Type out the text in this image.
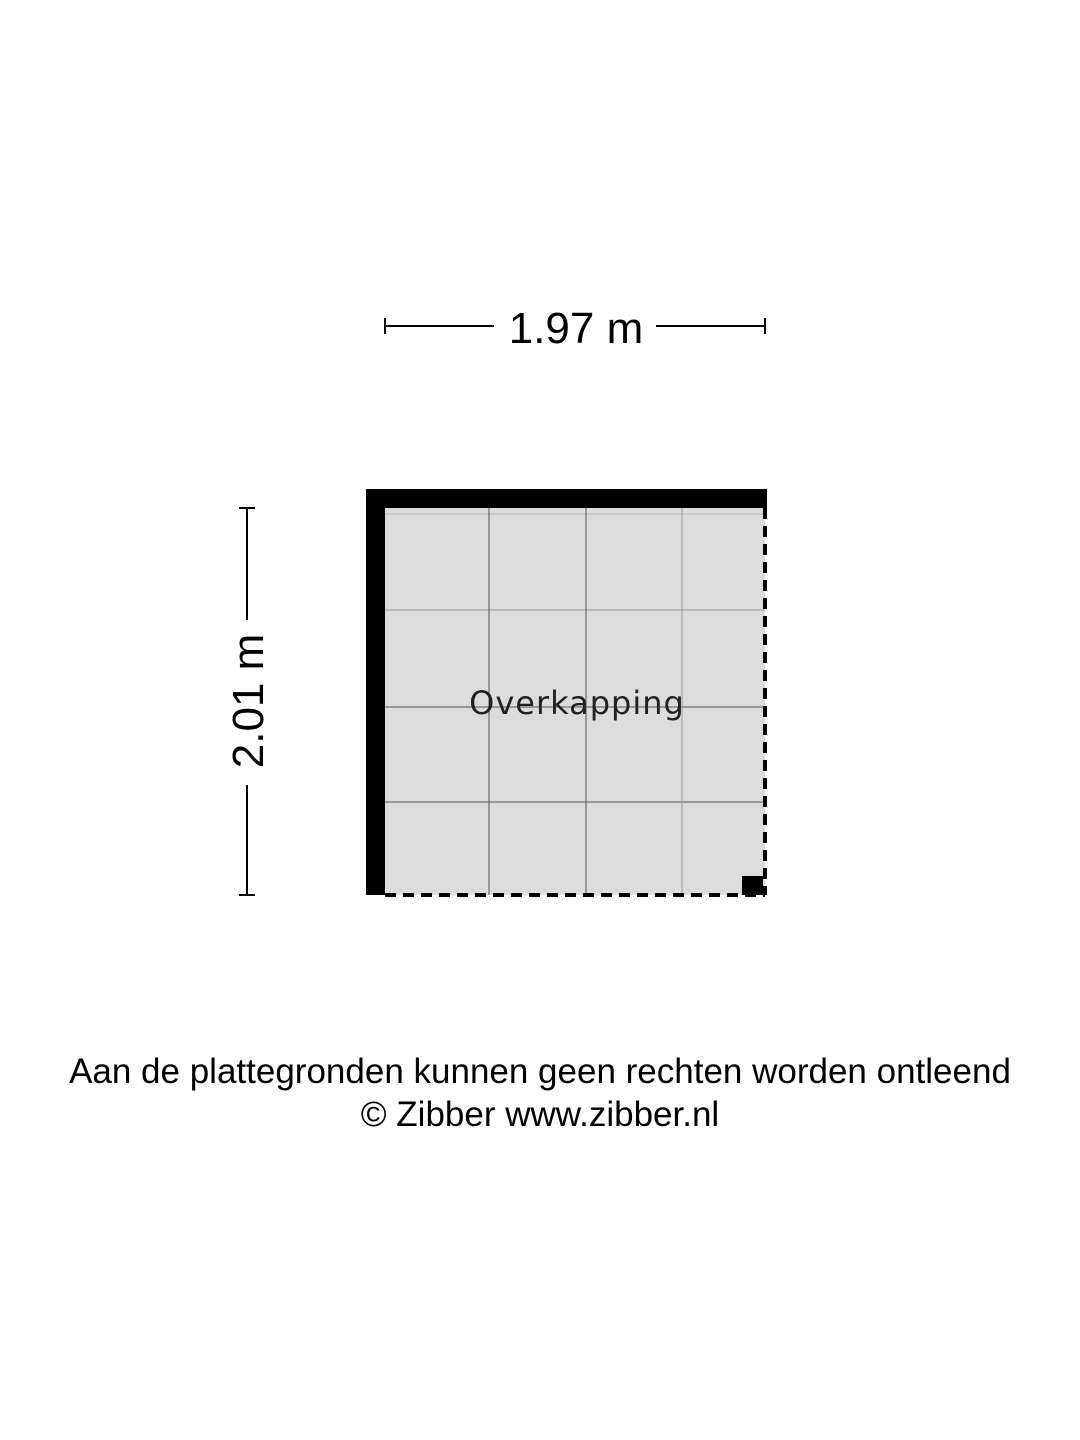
1.97 m
2.01 m	Overkapping
Aan de plattegronden kunnen geen rechten worden ontleend
© Zibber www.zibber.nl
